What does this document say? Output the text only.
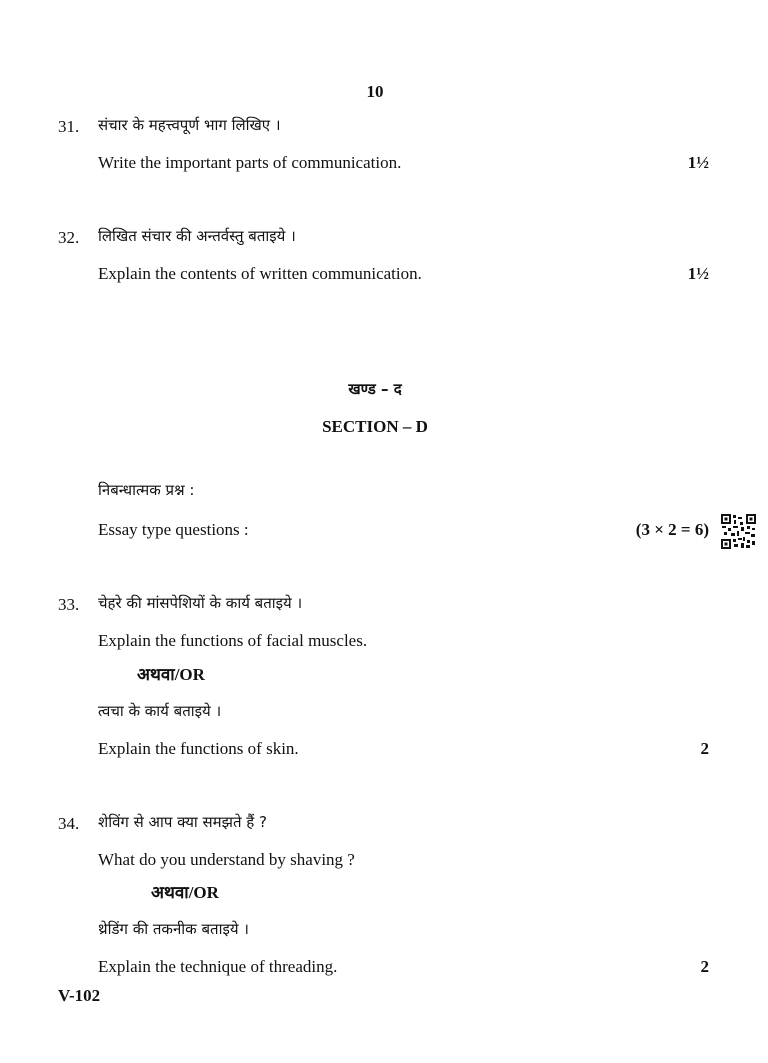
10
31. संचार के महत्त्वपूर्ण भाग लिखिए ।
Write the important parts of communication.	1½
32. लिखित संचार की अन्तर्वस्तु बताइये ।
Explain the contents of written communication.	1½
खण्ड – द
SECTION – D
निबन्धात्मक प्रश्न :
Essay type questions :	(3 × 2 = 6)
33. चेहरे की मांसपेशियों के कार्य बताइये ।
Explain the functions of facial muscles.
अथवा/OR
त्वचा के कार्य बताइये ।
Explain the functions of skin.	2
34. शेविंग से आप क्या समझते हैं ?
What do you understand by shaving ?
अथवा/OR
थ्रेडिंग की तकनीक बताइये ।
Explain the technique of threading.	2
V-102
